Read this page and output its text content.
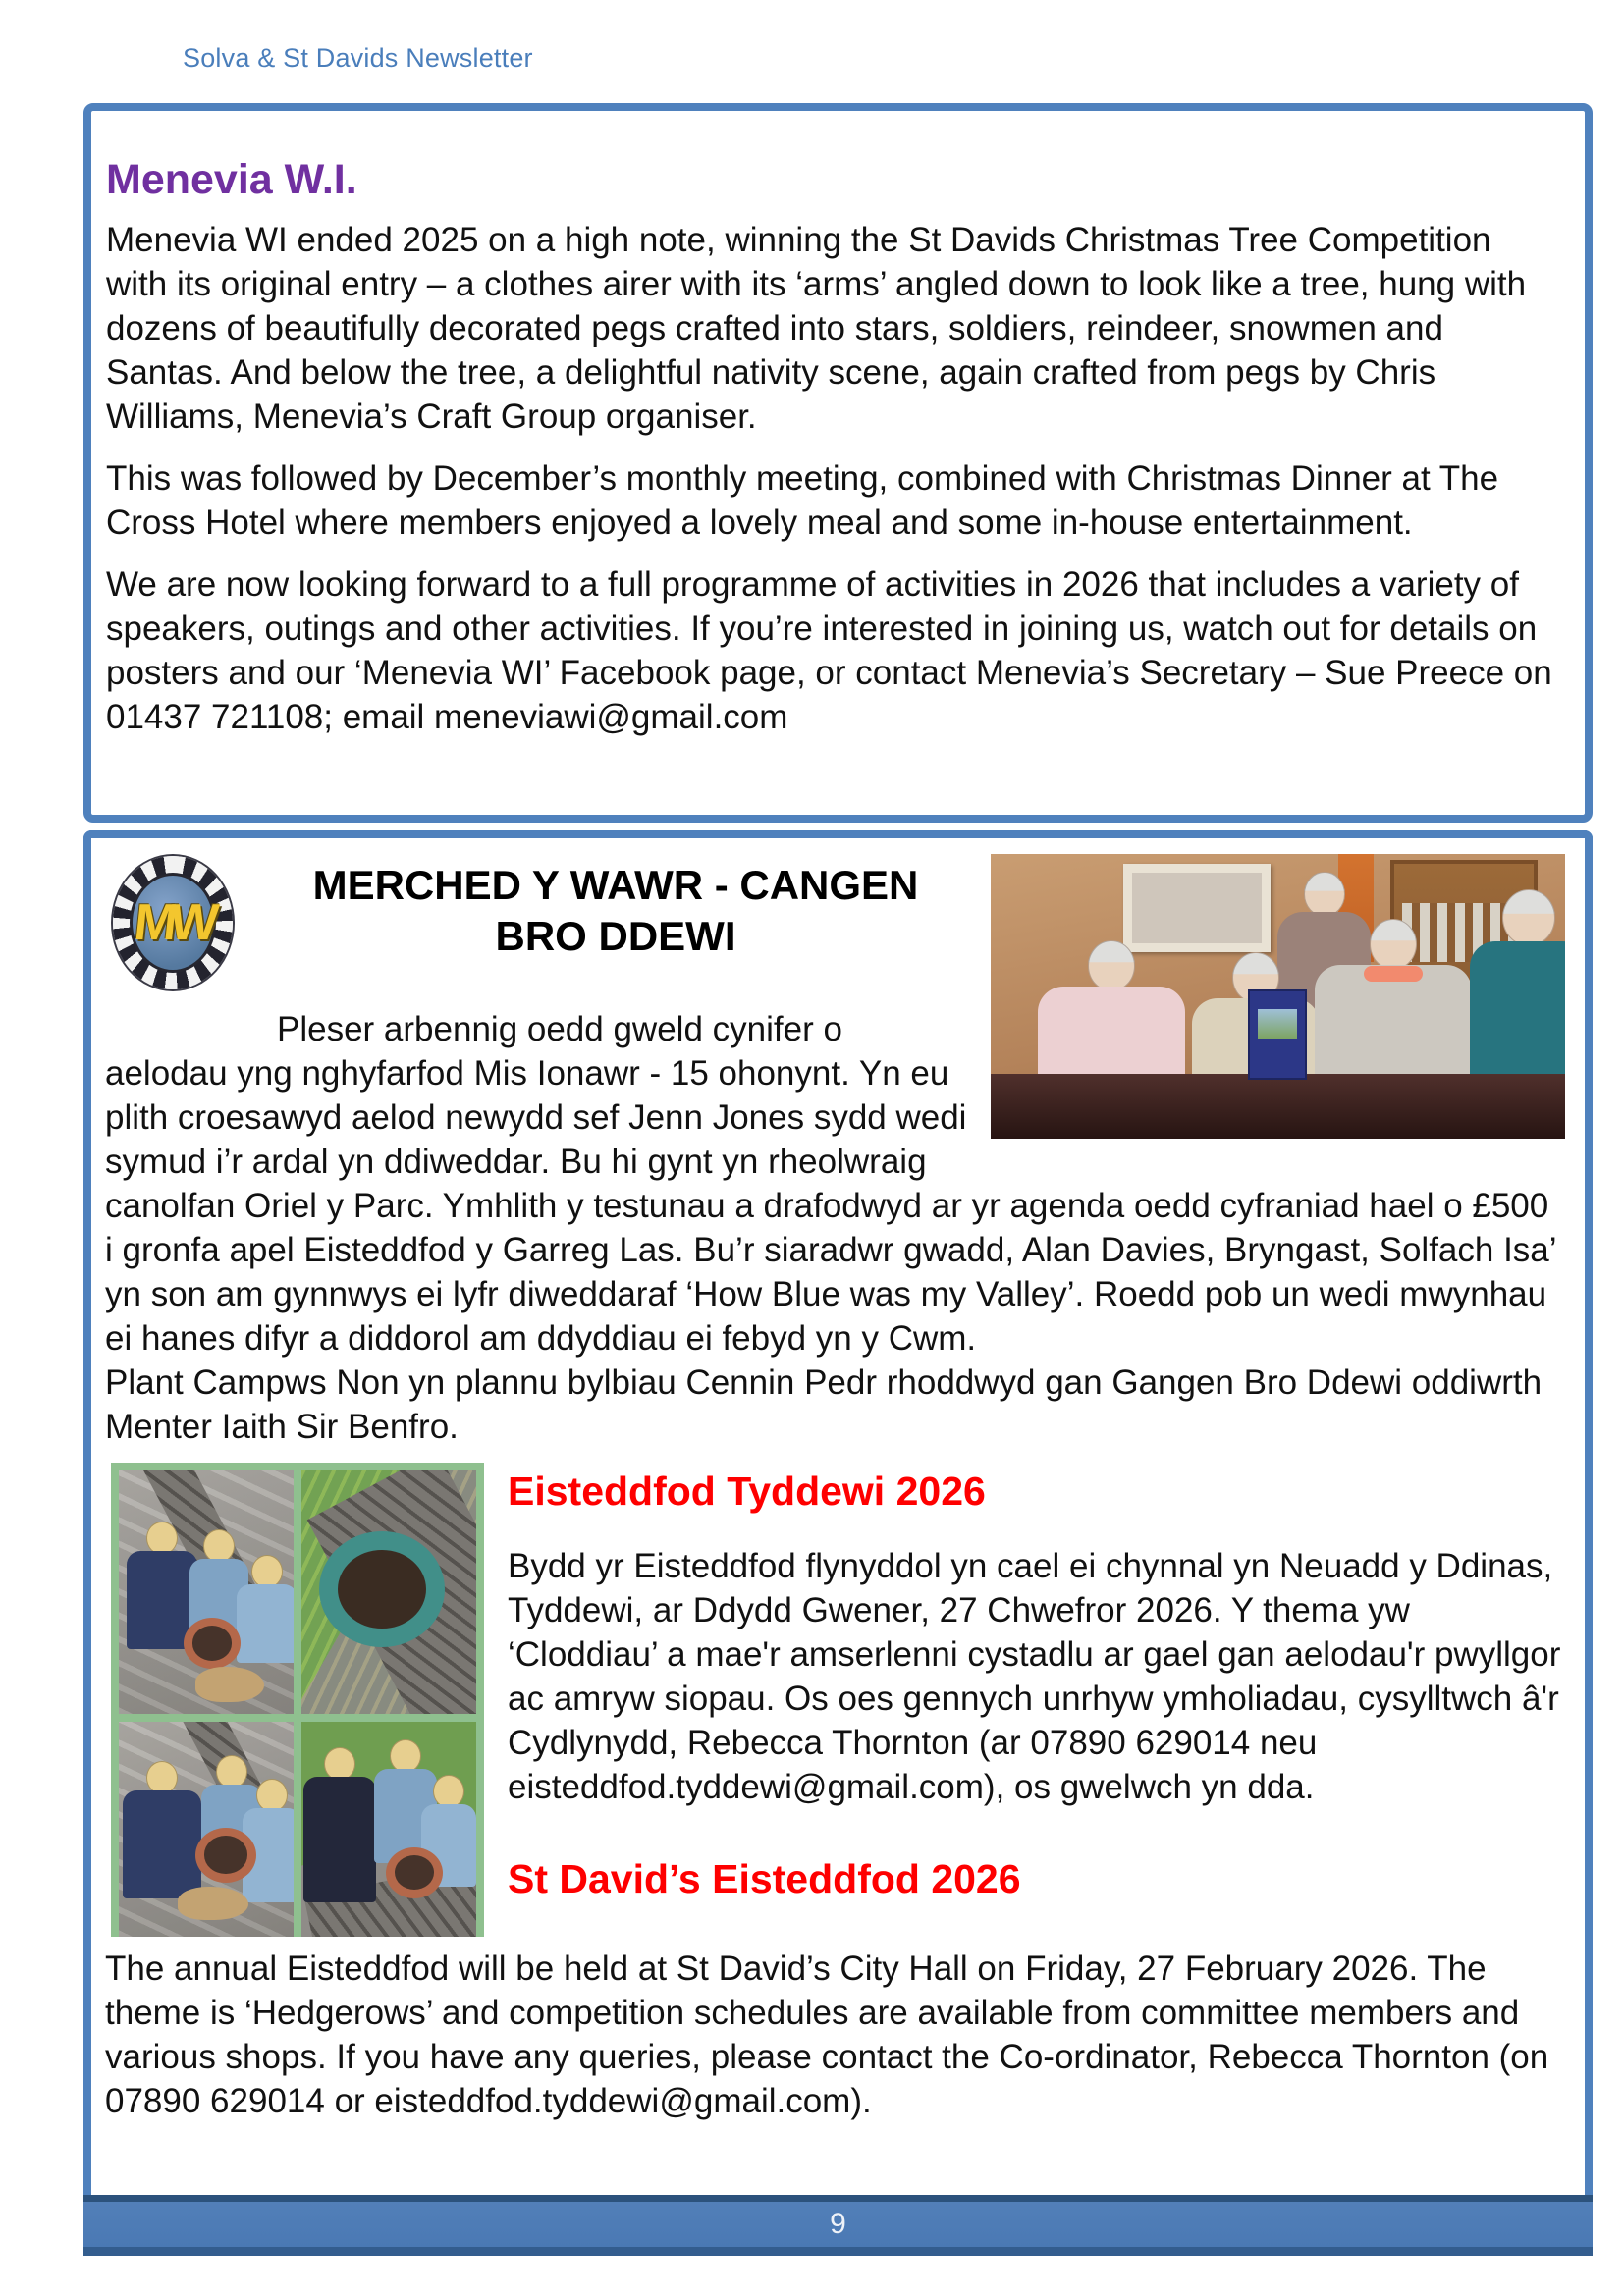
Solva & St Davids Newsletter
Menevia W.I.

Menevia WI ended 2025 on a high note, winning the St Davids Christmas Tree Competition with its original entry – a clothes airer with its ‘arms’ angled down to look like a tree, hung with dozens of beautifully decorated pegs crafted into stars, soldiers, reindeer, snowmen and Santas. And below the tree, a delightful nativity scene, again crafted from pegs by Chris Williams, Menevia’s Craft Group organiser.

This was followed by December’s monthly meeting, combined with Christmas Dinner at The Cross Hotel where members enjoyed a lovely meal and some in-house entertainment.

We are now looking forward to a full programme of activities in 2026 that includes a variety of speakers, outings and other activities. If you’re interested in joining us, watch out for details on posters and our ‘Menevia WI’ Facebook page, or contact Menevia’s Secretary – Sue Preece on 01437 721108; email meneviawi@gmail.com

MW
MERCHED Y WAWR - CANGEN
BRO DDEWI

Pleser arbennig oedd gweld cynifer o aelodau yng nghyfarfod Mis Ionawr - 15 ohonynt. Yn eu plith croesawyd aelod newydd sef Jenn Jones sydd wedi symud i’r ardal yn ddiweddar. Bu hi gynt yn rheolwraig canolfan Oriel y Parc. Ymhlith y testunau a drafodwyd ar yr agenda oedd cyfraniad hael o £500 i gronfa apel Eisteddfod y Garreg Las. Bu’r siaradwr gwadd, Alan Davies, Bryngast, Solfach Isa’ yn son am gynnwys ei lyfr diweddaraf ‘How Blue was my Valley’. Roedd pob un wedi mwynhau ei hanes difyr a diddorol am ddyddiau ei febyd yn y Cwm.

Plant Campws Non yn plannu bylbiau Cennin Pedr rhoddwyd gan Gangen Bro Ddewi oddiwrth Menter Iaith Sir Benfro.

Eisteddfod Tyddewi 2026

Bydd yr Eisteddfod flynyddol yn cael ei chynnal yn Neuadd y Ddinas, Tyddewi, ar Ddydd Gwener, 27 Chwefror 2026. Y thema yw ‘Cloddiau’ a mae'r amserlenni cystadlu ar gael gan aelodau'r pwyllgor ac amryw siopau. Os oes gennych unrhyw ymholiadau, cysylltwch â'r Cydlynydd, Rebecca Thornton (ar 07890 629014 neu eisteddfod.tyddewi@gmail.com), os gwelwch yn dda.

St David’s Eisteddfod 2026

The annual Eisteddfod will be held at St David’s City Hall on Friday, 27 February 2026. The theme is ‘Hedgerows’ and competition schedules are available from committee members and various shops. If you have any queries, please contact the Co-ordinator, Rebecca Thornton (on 07890 629014 or eisteddfod.tyddewi@gmail.com).

9
